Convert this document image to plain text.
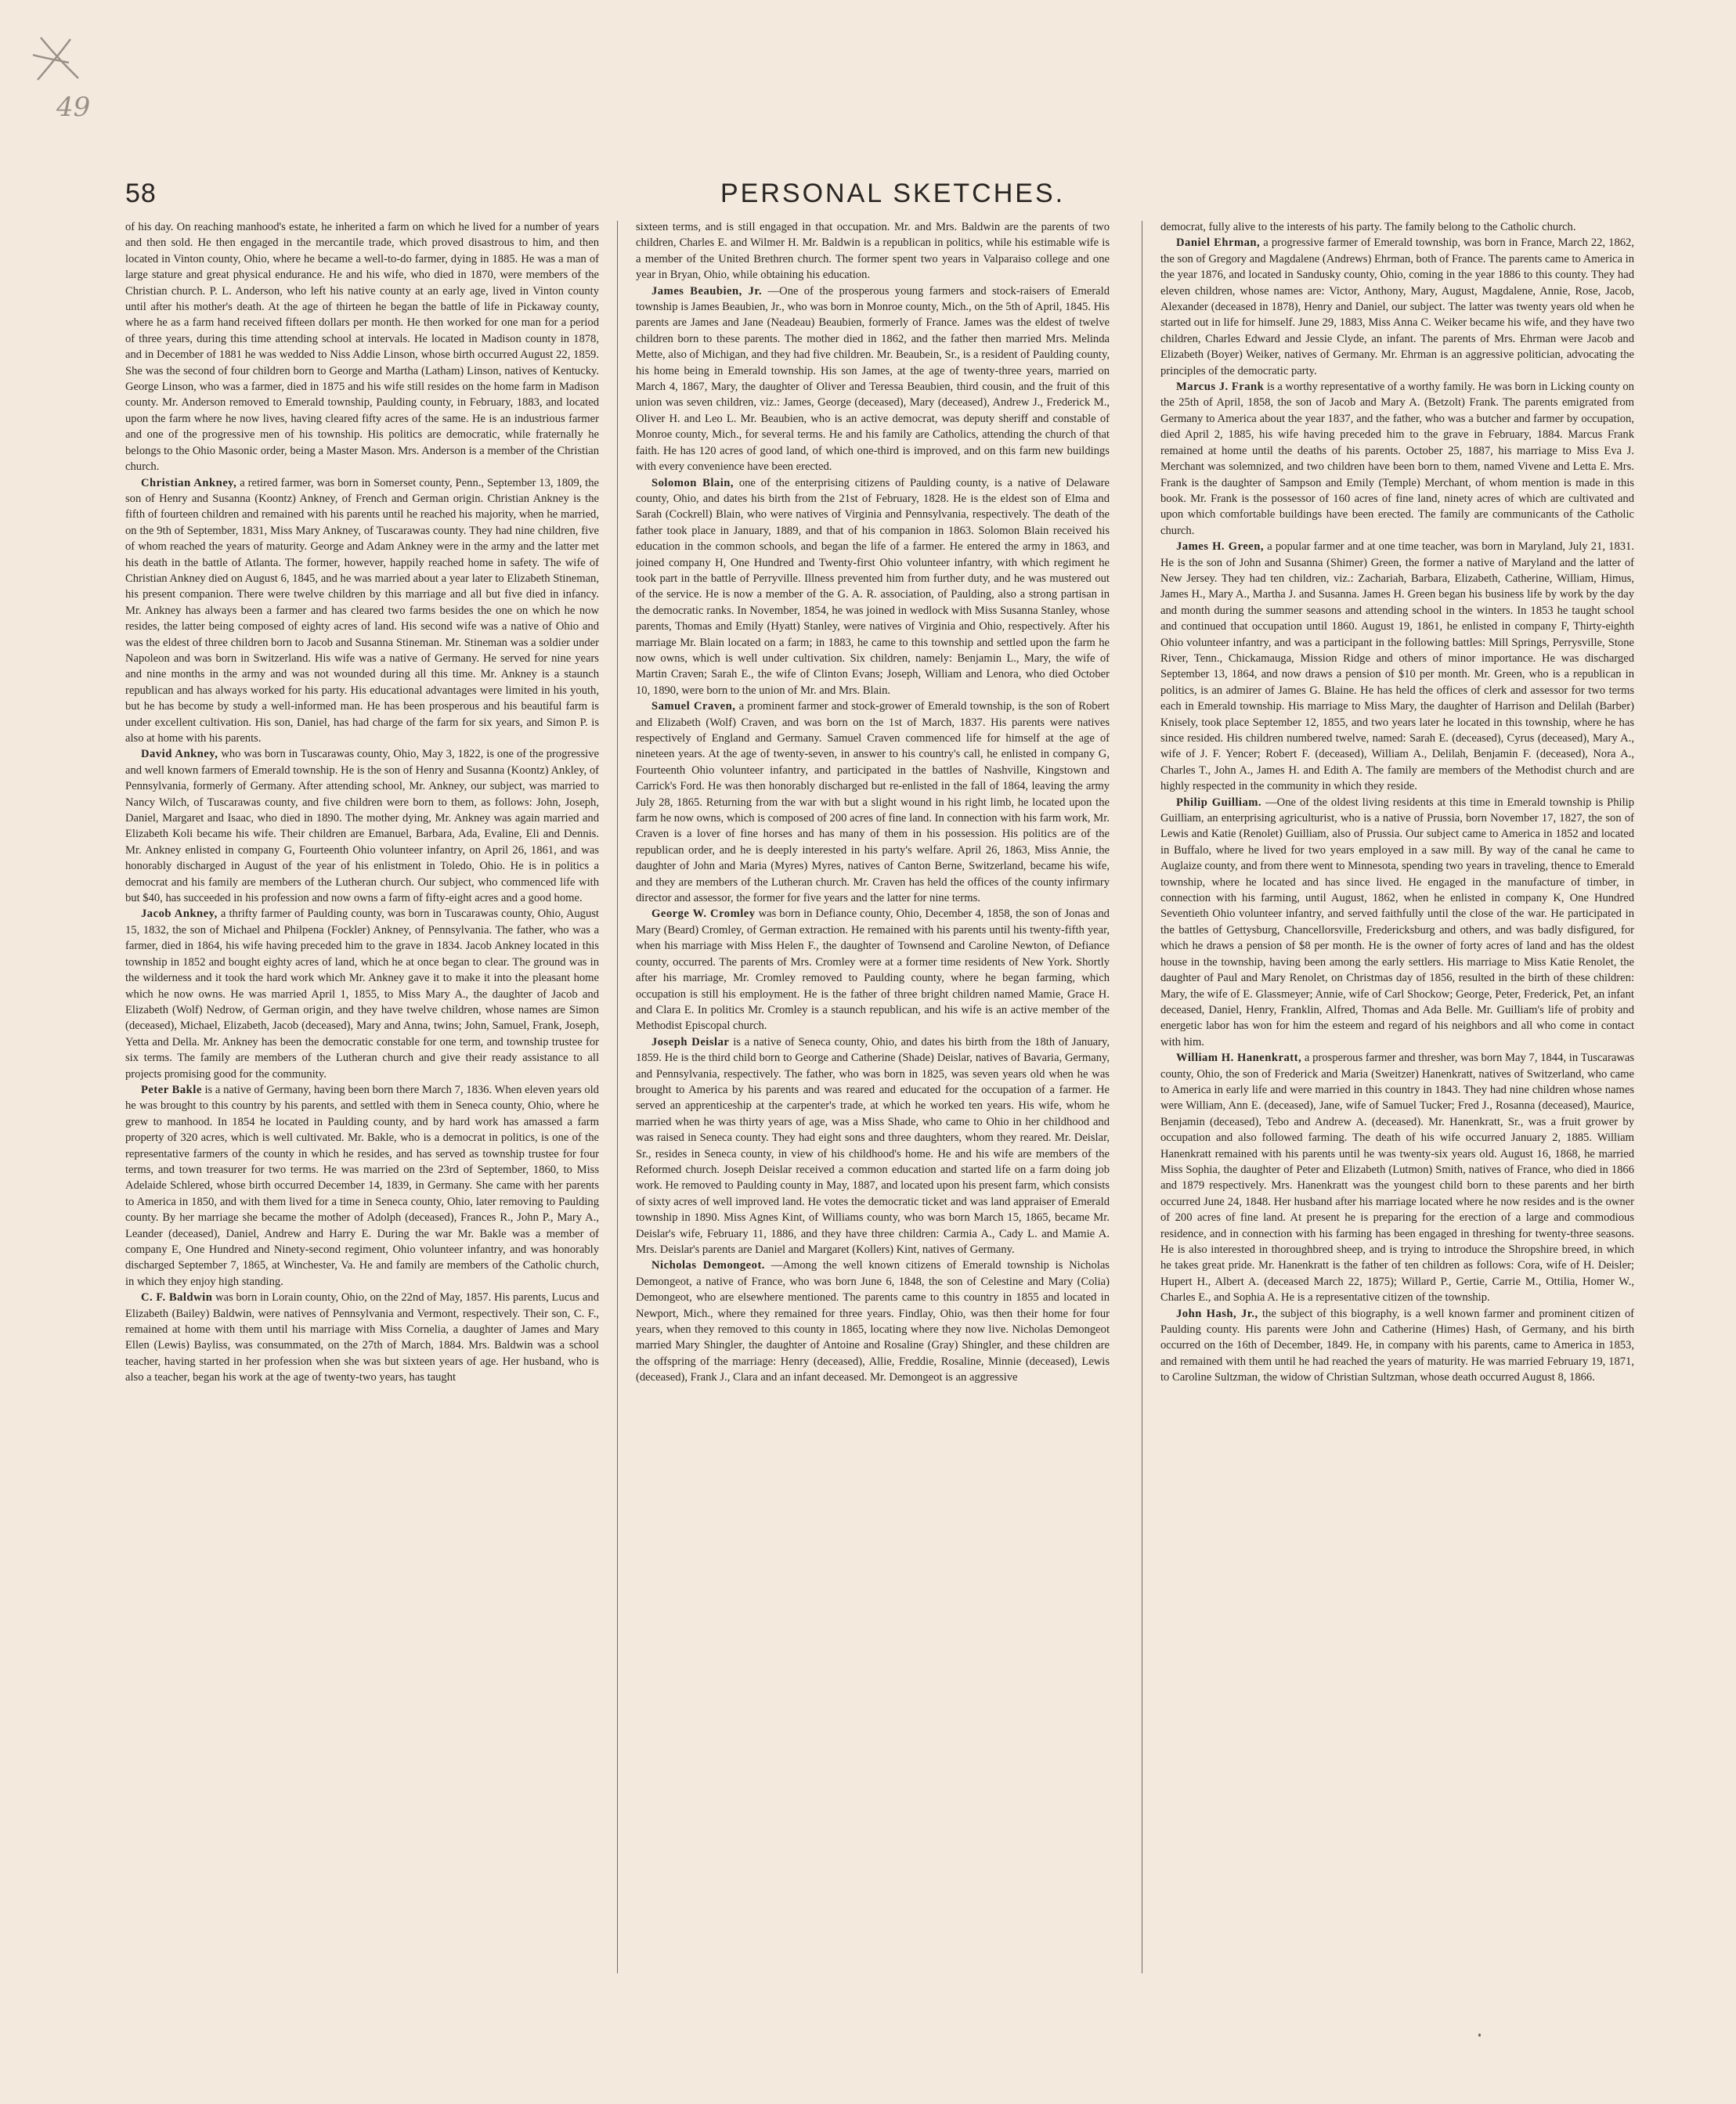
49
58	PERSONAL SKETCHES.

of his day. On reaching manhood's estate, he inherited a farm on which he lived for a number of years and then sold. He then engaged in the mercantile trade, which proved disastrous to him, and then located in Vinton county, Ohio, where he became a well-to-do farmer, dying in 1885. He was a man of large stature and great physical endurance. He and his wife, who died in 1870, were members of the Christian church. P. L. Anderson, who left his native county at an early age, lived in Vinton county until after his mother's death. At the age of thirteen he began the battle of life in Pickaway county, where he as a farm hand received fifteen dollars per month. He then worked for one man for a period of three years, during this time attending school at intervals. He located in Madison county in 1878, and in December of 1881 he was wedded to Niss Addie Linson, whose birth occurred August 22, 1859. She was the second of four children born to George and Martha (Latham) Linson, natives of Kentucky. George Linson, who was a farmer, died in 1875 and his wife still resides on the home farm in Madison county. Mr. Anderson removed to Emerald township, Paulding county, in February, 1883, and located upon the farm where he now lives, having cleared fifty acres of the same. He is an industrious farmer and one of the progressive men of his township. His politics are democratic, while fraternally he belongs to the Ohio Masonic order, being a Master Mason. Mrs. Anderson is a member of the Christian church.

Christian Ankney, a retired farmer, was born in Somerset county, Penn., September 13, 1809, the son of Henry and Susanna (Koontz) Ankney, of French and German origin. Christian Ankney is the fifth of fourteen children and remained with his parents until he reached his majority, when he married, on the 9th of September, 1831, Miss Mary Ankney, of Tuscarawas county. They had nine children, five of whom reached the years of maturity. George and Adam Ankney were in the army and the latter met his death in the battle of Atlanta. The former, however, happily reached home in safety. The wife of Christian Ankney died on August 6, 1845, and he was married about a year later to Elizabeth Stineman, his present companion. There were twelve children by this marriage and all but five died in infancy. Mr. Ankney has always been a farmer and has cleared two farms besides the one on which he now resides, the latter being composed of eighty acres of land. His second wife was a native of Ohio and was the eldest of three children born to Jacob and Susanna Stineman. Mr. Stineman was a soldier under Napoleon and was born in Switzerland. His wife was a native of Germany. He served for nine years and nine months in the army and was not wounded during all this time. Mr. Ankney is a staunch republican and has always worked for his party. His educational advantages were limited in his youth, but he has become by study a well-informed man. He has been prosperous and his beautiful farm is under excellent cultivation. His son, Daniel, has had charge of the farm for six years, and Simon P. is also at home with his parents.

David Ankney, who was born in Tuscarawas county, Ohio, May 3, 1822, is one of the progressive and well known farmers of Emerald township. He is the son of Henry and Susanna (Koontz) Ankley, of Pennsylvania, formerly of Germany. After attending school, Mr. Ankney, our subject, was married to Nancy Wilch, of Tuscarawas county, and five children were born to them, as follows: John, Joseph, Daniel, Margaret and Isaac, who died in 1890. The mother dying, Mr. Ankney was again married and Elizabeth Koli became his wife. Their children are Emanuel, Barbara, Ada, Evaline, Eli and Dennis. Mr. Ankney enlisted in company G, Fourteenth Ohio volunteer infantry, on April 26, 1861, and was honorably discharged in August of the year of his enlistment in Toledo, Ohio. He is in politics a democrat and his family are members of the Lutheran church. Our subject, who commenced life with but $40, has succeeded in his profession and now owns a farm of fifty-eight acres and a good home.

Jacob Ankney, a thrifty farmer of Paulding county, was born in Tuscarawas county, Ohio, August 15, 1832, the son of Michael and Philpena (Fockler) Ankney, of Pennsylvania. The father, who was a farmer, died in 1864, his wife having preceded him to the grave in 1834. Jacob Ankney located in this township in 1852 and bought eighty acres of land, which he at once began to clear. The ground was in the wilderness and it took the hard work which Mr. Ankney gave it to make it into the pleasant home which he now owns. He was married April 1, 1855, to Miss Mary A., the daughter of Jacob and Elizabeth (Wolf) Nedrow, of German origin, and they have twelve children, whose names are Simon (deceased), Michael, Elizabeth, Jacob (deceased), Mary and Anna, twins; John, Samuel, Frank, Joseph, Yetta and Della. Mr. Ankney has been the democratic constable for one term, and township trustee for six terms. The family are members of the Lutheran church and give their ready assistance to all projects promising good for the community.

Peter Bakle is a native of Germany, having been born there March 7, 1836. When eleven years old he was brought to this country by his parents, and settled with them in Seneca county, Ohio, where he grew to manhood. In 1854 he located in Paulding county, and by hard work has amassed a farm property of 320 acres, which is well cultivated. Mr. Bakle, who is a democrat in politics, is one of the representative farmers of the county in which he resides, and has served as township trustee for four terms, and town treasurer for two terms. He was married on the 23rd of September, 1860, to Miss Adelaide Schlered, whose birth occurred December 14, 1839, in Germany. She came with her parents to America in 1850, and with them lived for a time in Seneca county, Ohio, later removing to Paulding county. By her marriage she became the mother of Adolph (deceased), Frances R., John P., Mary A., Leander (deceased), Daniel, Andrew and Harry E. During the war Mr. Bakle was a member of company E, One Hundred and Ninety-second regiment, Ohio volunteer infantry, and was honorably discharged September 7, 1865, at Winchester, Va. He and family are members of the Catholic church, in which they enjoy high standing.

C. F. Baldwin was born in Lorain county, Ohio, on the 22nd of May, 1857. His parents, Lucus and Elizabeth (Bailey) Baldwin, were natives of Pennsylvania and Vermont, respectively. Their son, C. F., remained at home with them until his marriage with Miss Cornelia, a daughter of James and Mary Ellen (Lewis) Bayliss, was consummated, on the 27th of March, 1884. Mrs. Baldwin was a school teacher, having started in her profession when she was but sixteen years of age. Her husband, who is also a teacher, began his work at the age of twenty-two years, has taught

sixteen terms, and is still engaged in that occupation. Mr. and Mrs. Baldwin are the parents of two children, Charles E. and Wilmer H. Mr. Baldwin is a republican in politics, while his estimable wife is a member of the United Brethren church. The former spent two years in Valparaiso college and one year in Bryan, Ohio, while obtaining his education.

James Beaubien, Jr. —One of the prosperous young farmers and stock-raisers of Emerald township is James Beaubien, Jr., who was born in Monroe county, Mich., on the 5th of April, 1845. His parents are James and Jane (Neadeau) Beaubien, formerly of France. James was the eldest of twelve children born to these parents. The mother died in 1862, and the father then married Mrs. Melinda Mette, also of Michigan, and they had five children. Mr. Beaubein, Sr., is a resident of Paulding county, his home being in Emerald township. His son James, at the age of twenty-three years, married on March 4, 1867, Mary, the daughter of Oliver and Teressa Beaubien, third cousin, and the fruit of this union was seven children, viz.: James, George (deceased), Mary (deceased), Andrew J., Frederick M., Oliver H. and Leo L. Mr. Beaubien, who is an active democrat, was deputy sheriff and constable of Monroe county, Mich., for several terms. He and his family are Catholics, attending the church of that faith. He has 120 acres of good land, of which one-third is improved, and on this farm new buildings with every convenience have been erected.

Solomon Blain, one of the enterprising citizens of Paulding county, is a native of Delaware county, Ohio, and dates his birth from the 21st of February, 1828. He is the eldest son of Elma and Sarah (Cockrell) Blain, who were natives of Virginia and Pennsylvania, respectively. The death of the father took place in January, 1889, and that of his companion in 1863. Solomon Blain received his education in the common schools, and began the life of a farmer. He entered the army in 1863, and joined company H, One Hundred and Twenty-first Ohio volunteer infantry, with which regiment he took part in the battle of Perryville. Illness prevented him from further duty, and he was mustered out of the service. He is now a member of the G. A. R. association, of Paulding, also a strong partisan in the democratic ranks. In November, 1854, he was joined in wedlock with Miss Susanna Stanley, whose parents, Thomas and Emily (Hyatt) Stanley, were natives of Virginia and Ohio, respectively. After his marriage Mr. Blain located on a farm; in 1883, he came to this township and settled upon the farm he now owns, which is well under cultivation. Six children, namely: Benjamin L., Mary, the wife of Martin Craven; Sarah E., the wife of Clinton Evans; Joseph, William and Lenora, who died October 10, 1890, were born to the union of Mr. and Mrs. Blain.

Samuel Craven, a prominent farmer and stock-grower of Emerald township, is the son of Robert and Elizabeth (Wolf) Craven, and was born on the 1st of March, 1837. His parents were natives respectively of England and Germany. Samuel Craven commenced life for himself at the age of nineteen years. At the age of twenty-seven, in answer to his country's call, he enlisted in company G, Fourteenth Ohio volunteer infantry, and participated in the battles of Nashville, Kingstown and Carrick's Ford. He was then honorably discharged but re-enlisted in the fall of 1864, leaving the army July 28, 1865. Returning from the war with but a slight wound in his right limb, he located upon the farm he now owns, which is composed of 200 acres of fine land. In connection with his farm work, Mr. Craven is a lover of fine horses and has many of them in his possession. His politics are of the republican order, and he is deeply interested in his party's welfare. April 26, 1863, Miss Annie, the daughter of John and Maria (Myres) Myres, natives of Canton Berne, Switzerland, became his wife, and they are members of the Lutheran church. Mr. Craven has held the offices of the county infirmary director and assessor, the former for five years and the latter for nine terms.

George W. Cromley was born in Defiance county, Ohio, December 4, 1858, the son of Jonas and Mary (Beard) Cromley, of German extraction. He remained with his parents until his twenty-fifth year, when his marriage with Miss Helen F., the daughter of Townsend and Caroline Newton, of Defiance county, occurred. The parents of Mrs. Cromley were at a former time residents of New York. Shortly after his marriage, Mr. Cromley removed to Paulding county, where he began farming, which occupation is still his employment. He is the father of three bright children named Mamie, Grace H. and Clara E. In politics Mr. Cromley is a staunch republican, and his wife is an active member of the Methodist Episcopal church.

Joseph Deislar is a native of Seneca county, Ohio, and dates his birth from the 18th of January, 1859. He is the third child born to George and Catherine (Shade) Deislar, natives of Bavaria, Germany, and Pennsylvania, respectively. The father, who was born in 1825, was seven years old when he was brought to America by his parents and was reared and educated for the occupation of a farmer. He served an apprenticeship at the carpenter's trade, at which he worked ten years. His wife, whom he married when he was thirty years of age, was a Miss Shade, who came to Ohio in her childhood and was raised in Seneca county. They had eight sons and three daughters, whom they reared. Mr. Deislar, Sr., resides in Seneca county, in view of his childhood's home. He and his wife are members of the Reformed church. Joseph Deislar received a common education and started life on a farm doing job work. He removed to Paulding county in May, 1887, and located upon his present farm, which consists of sixty acres of well improved land. He votes the democratic ticket and was land appraiser of Emerald township in 1890. Miss Agnes Kint, of Williams county, who was born March 15, 1865, became Mr. Deislar's wife, February 11, 1886, and they have three children: Carmia A., Cady L. and Mamie A. Mrs. Deislar's parents are Daniel and Margaret (Kollers) Kint, natives of Germany.

Nicholas Demongeot. —Among the well known citizens of Emerald township is Nicholas Demongeot, a native of France, who was born June 6, 1848, the son of Celestine and Mary (Colia) Demongeot, who are elsewhere mentioned. The parents came to this country in 1855 and located in Newport, Mich., where they remained for three years. Findlay, Ohio, was then their home for four years, when they removed to this county in 1865, locating where they now live. Nicholas Demongeot married Mary Shingler, the daughter of Antoine and Rosaline (Gray) Shingler, and these children are the offspring of the marriage: Henry (deceased), Allie, Freddie, Rosaline, Minnie (deceased), Lewis (deceased), Frank J., Clara and an infant deceased. Mr. Demongeot is an aggressive

democrat, fully alive to the interests of his party. The family belong to the Catholic church.

Daniel Ehrman, a progressive farmer of Emerald township, was born in France, March 22, 1862, the son of Gregory and Magdalene (Andrews) Ehrman, both of France. The parents came to America in the year 1876, and located in Sandusky county, Ohio, coming in the year 1886 to this county. They had eleven children, whose names are: Victor, Anthony, Mary, August, Magdalene, Annie, Rose, Jacob, Alexander (deceased in 1878), Henry and Daniel, our subject. The latter was twenty years old when he started out in life for himself. June 29, 1883, Miss Anna C. Weiker became his wife, and they have two children, Charles Edward and Jessie Clyde, an infant. The parents of Mrs. Ehrman were Jacob and Elizabeth (Boyer) Weiker, natives of Germany. Mr. Ehrman is an aggressive politician, advocating the principles of the democratic party.

Marcus J. Frank is a worthy representative of a worthy family. He was born in Licking county on the 25th of April, 1858, the son of Jacob and Mary A. (Betzolt) Frank. The parents emigrated from Germany to America about the year 1837, and the father, who was a butcher and farmer by occupation, died April 2, 1885, his wife having preceded him to the grave in February, 1884. Marcus Frank remained at home until the deaths of his parents. October 25, 1887, his marriage to Miss Eva J. Merchant was solemnized, and two children have been born to them, named Vivene and Letta E. Mrs. Frank is the daughter of Sampson and Emily (Temple) Merchant, of whom mention is made in this book. Mr. Frank is the possessor of 160 acres of fine land, ninety acres of which are cultivated and upon which comfortable buildings have been erected. The family are communicants of the Catholic church.

James H. Green, a popular farmer and at one time teacher, was born in Maryland, July 21, 1831. He is the son of John and Susanna (Shimer) Green, the former a native of Maryland and the latter of New Jersey. They had ten children, viz.: Zachariah, Barbara, Elizabeth, Catherine, William, Himus, James H., Mary A., Martha J. and Susanna. James H. Green began his business life by work by the day and month during the summer seasons and attending school in the winters. In 1853 he taught school and continued that occupation until 1860. August 19, 1861, he enlisted in company F, Thirty-eighth Ohio volunteer infantry, and was a participant in the following battles: Mill Springs, Perrysville, Stone River, Tenn., Chickamauga, Mission Ridge and others of minor importance. He was discharged September 13, 1864, and now draws a pension of $10 per month. Mr. Green, who is a republican in politics, is an admirer of James G. Blaine. He has held the offices of clerk and assessor for two terms each in Emerald township. His marriage to Miss Mary, the daughter of Harrison and Delilah (Barber) Knisely, took place September 12, 1855, and two years later he located in this township, where he has since resided. His children numbered twelve, named: Sarah E. (deceased), Cyrus (deceased), Mary A., wife of J. F. Yencer; Robert F. (deceased), William A., Delilah, Benjamin F. (deceased), Nora A., Charles T., John A., James H. and Edith A. The family are members of the Methodist church and are highly respected in the community in which they reside.

Philip Guilliam. —One of the oldest living residents at this time in Emerald township is Philip Guilliam, an enterprising agriculturist, who is a native of Prussia, born November 17, 1827, the son of Lewis and Katie (Renolet) Guilliam, also of Prussia. Our subject came to America in 1852 and located in Buffalo, where he lived for two years employed in a saw mill. By way of the canal he came to Auglaize county, and from there went to Minnesota, spending two years in traveling, thence to Emerald township, where he located and has since lived. He engaged in the manufacture of timber, in connection with his farming, until August, 1862, when he enlisted in company K, One Hundred Seventieth Ohio volunteer infantry, and served faithfully until the close of the war. He participated in the battles of Gettysburg, Chancellorsville, Fredericksburg and others, and was badly disfigured, for which he draws a pension of $8 per month. He is the owner of forty acres of land and has the oldest house in the township, having been among the early settlers. His marriage to Miss Katie Renolet, the daughter of Paul and Mary Renolet, on Christmas day of 1856, resulted in the birth of these children: Mary, the wife of E. Glassmeyer; Annie, wife of Carl Shockow; George, Peter, Frederick, Pet, an infant deceased, Daniel, Henry, Franklin, Alfred, Thomas and Ada Belle. Mr. Guilliam's life of probity and energetic labor has won for him the esteem and regard of his neighbors and all who come in contact with him.

William H. Hanenkratt, a prosperous farmer and thresher, was born May 7, 1844, in Tuscarawas county, Ohio, the son of Frederick and Maria (Sweitzer) Hanenkratt, natives of Switzerland, who came to America in early life and were married in this country in 1843. They had nine children whose names were William, Ann E. (deceased), Jane, wife of Samuel Tucker; Fred J., Rosanna (deceased), Maurice, Benjamin (deceased), Tebo and Andrew A. (deceased). Mr. Hanenkratt, Sr., was a fruit grower by occupation and also followed farming. The death of his wife occurred January 2, 1885. William Hanenkratt remained with his parents until he was twenty-six years old. August 16, 1868, he married Miss Sophia, the daughter of Peter and Elizabeth (Lutmon) Smith, natives of France, who died in 1866 and 1879 respectively. Mrs. Hanenkratt was the youngest child born to these parents and her birth occurred June 24, 1848. Her husband after his marriage located where he now resides and is the owner of 200 acres of fine land. At present he is preparing for the erection of a large and commodious residence, and in connection with his farming has been engaged in threshing for twenty-three seasons. He is also interested in thoroughbred sheep, and is trying to introduce the Shropshire breed, in which he takes great pride. Mr. Hanenkratt is the father of ten children as follows: Cora, wife of H. Deisler; Hupert H., Albert A. (deceased March 22, 1875); Willard P., Gertie, Carrie M., Ottilia, Homer W., Charles E., and Sophia A. He is a representative citizen of the township.

John Hash, Jr., the subject of this biography, is a well known farmer and prominent citizen of Paulding county. His parents were John and Catherine (Himes) Hash, of Germany, and his birth occurred on the 16th of December, 1849. He, in company with his parents, came to America in 1853, and remained with them until he had reached the years of maturity. He was married February 19, 1871, to Caroline Sultzman, the widow of Christian Sultzman, whose death occurred August 8, 1866.
